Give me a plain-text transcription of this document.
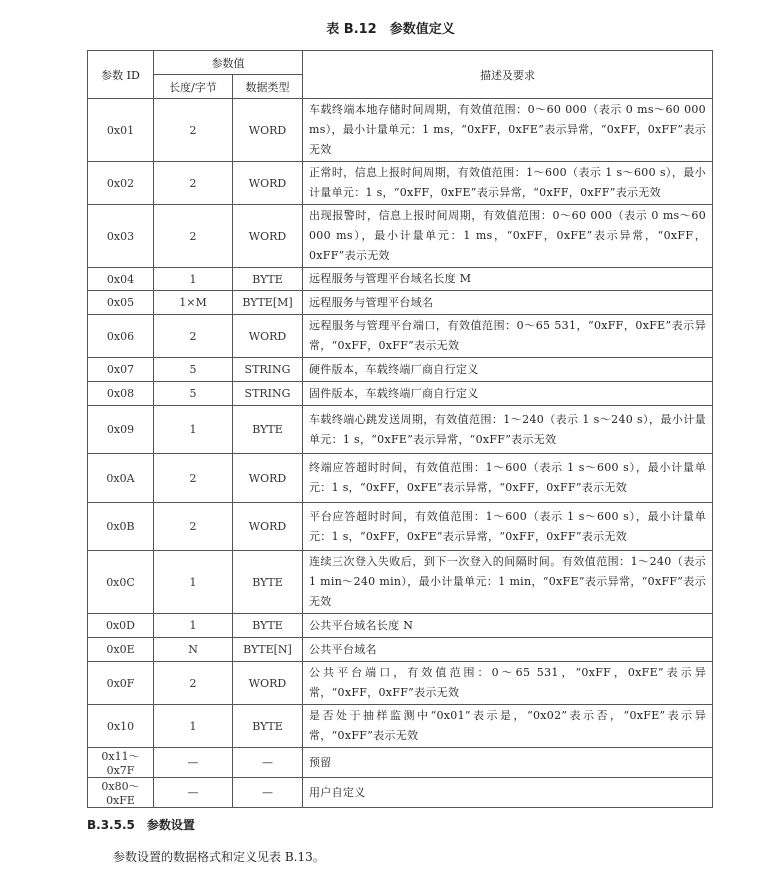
表 B.12　参数值定义
参数 ID	参数值		描述及要求
	长度/字节	数据类型	
0x01	2	WORD	车载终端本地存储时间周期，有效值范围：0～60 000（表示 0 ms～60 000 ms），最小计量单元：1 ms，“0xFF，0xFE”表示异常，“0xFF，0xFF”表示无效
0x02	2	WORD	正常时，信息上报时间周期，有效值范围：1～600（表示 1 s～600 s），最小计量单元：1 s，“0xFF，0xFE”表示异常，“0xFF，0xFF”表示无效
0x03	2	WORD	出现报警时，信息上报时间周期，有效值范围：0～60 000（表示 0 ms～60 000 ms），最小计量单元：1 ms，“0xFF，0xFE”表示异常，“0xFF，0xFF”表示无效
0x04	1	BYTE	远程服务与管理平台域名长度 M
0x05	1×M	BYTE[M]	远程服务与管理平台域名
0x06	2	WORD	远程服务与管理平台端口，有效值范围：0～65 531，“0xFF，0xFE”表示异常，“0xFF，0xFF”表示无效
0x07	5	STRING	硬件版本，车载终端厂商自行定义
0x08	5	STRING	固件版本，车载终端厂商自行定义
0x09	1	BYTE	车载终端心跳发送周期，有效值范围：1～240（表示 1 s～240 s），最小计量单元：1 s，“0xFE”表示异常，“0xFF”表示无效
0x0A	2	WORD	终端应答超时时间，有效值范围：1～600（表示 1 s～600 s），最小计量单元：1 s，“0xFF，0xFE”表示异常，“0xFF，0xFF”表示无效
0x0B	2	WORD	平台应答超时时间，有效值范围：1～600（表示 1 s～600 s），最小计量单元：1 s，“0xFF，0xFE”表示异常，“0xFF，0xFF”表示无效
0x0C	1	BYTE	连续三次登入失败后，到下一次登入的间隔时间。有效值范围：1～240（表示 1 min～240 min），最小计量单元：1 min，“0xFE”表示异常，“0xFF”表示无效
0x0D	1	BYTE	公共平台域名长度 N
0x0E	N	BYTE[N]	公共平台域名
0x0F	2	WORD	公共平台端口，有效值范围：0～65 531，“0xFF，0xFE”表示异常，“0xFF，0xFF”表示无效
0x10	1	BYTE	是否处于抽样监测中“0x01”表示是，“0x02”表示否，“0xFE”表示异常，“0xFF”表示无效
0x11～0x7F	—	—	预留
0x80～0xFE	—	—	用户自定义
B.3.5.5　参数设置
参数设置的数据格式和定义见表 B.13。
